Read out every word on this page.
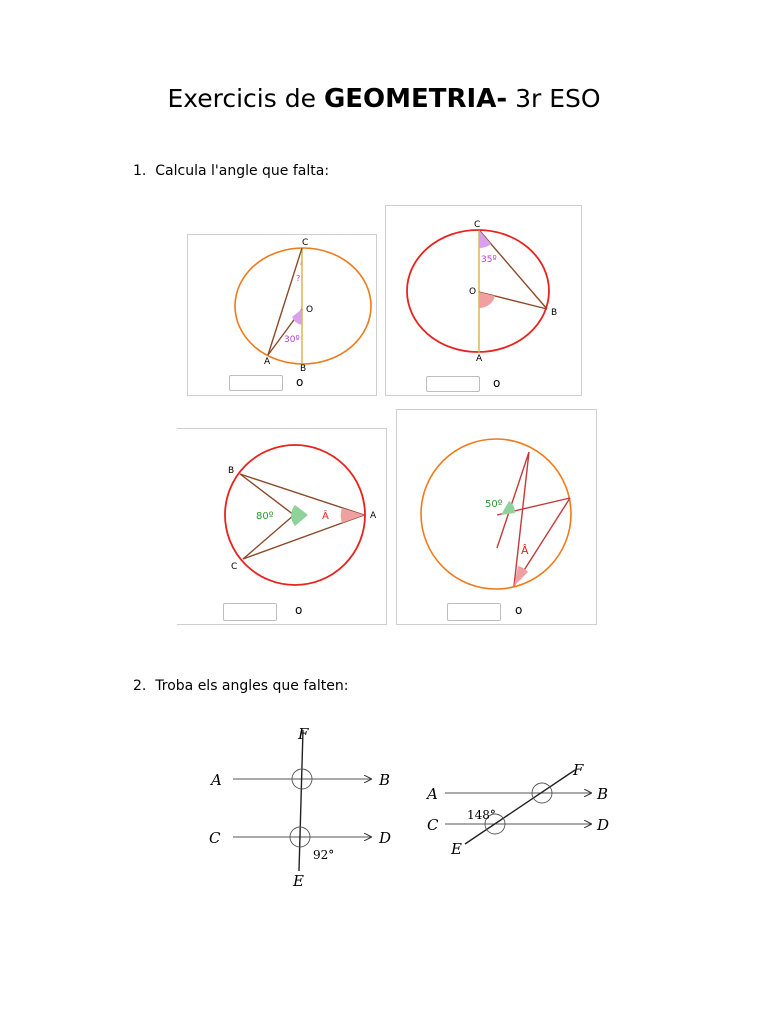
Exercicis de GEOMETRIA- 3r ESO
1. Calcula l'angle que falta:
C
O
A
B
?
30º
o
C
O
A
B
35º
o
B
A
C
80º	Â
o
50º
Â
o
2. Troba els angles que falten:
F
A	B
C	D
E
92°
F
A	B
C	D
E
148°
